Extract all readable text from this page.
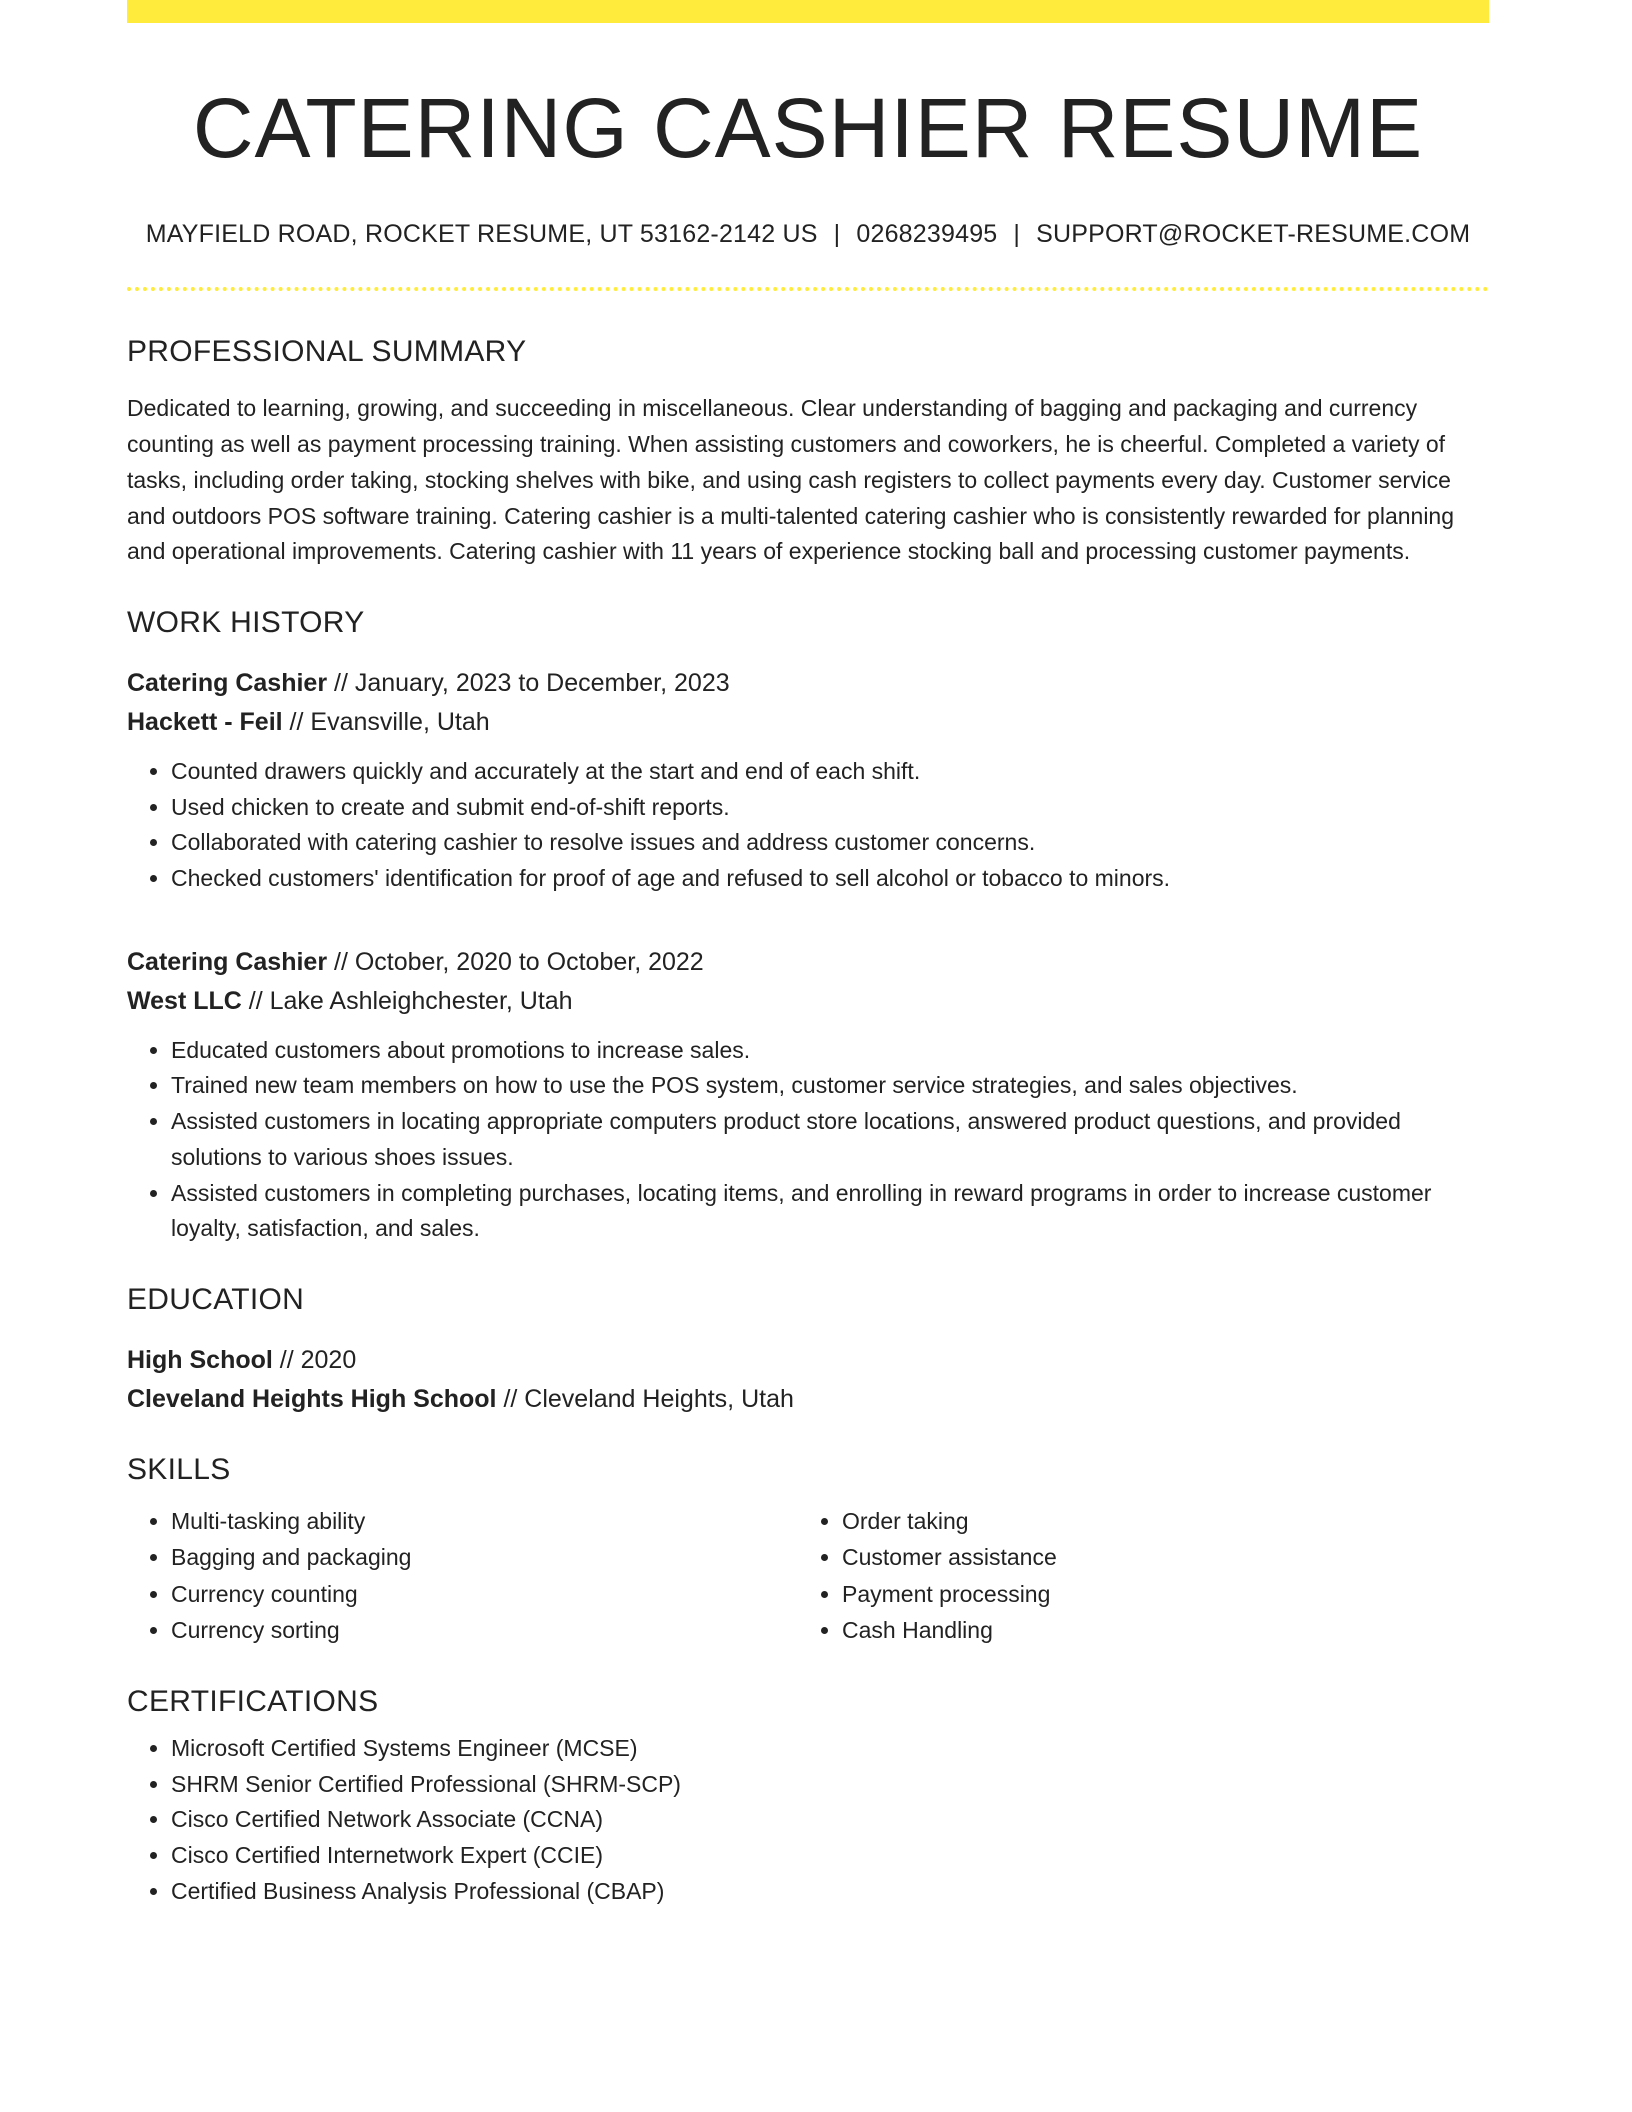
CATERING CASHIER RESUME
MAYFIELD ROAD, ROCKET RESUME, UT 53162-2142 US | 0268239495 | SUPPORT@ROCKET-RESUME.COM
PROFESSIONAL SUMMARY

Dedicated to learning, growing, and succeeding in miscellaneous. Clear understanding of bagging and packaging and currency counting as well as payment processing training. When assisting customers and coworkers, he is cheerful. Completed a variety of tasks, including order taking, stocking shelves with bike, and using cash registers to collect payments every day. Customer service and outdoors POS software training. Catering cashier is a multi-talented catering cashier who is consistently rewarded for planning and operational improvements. Catering cashier with 11 years of experience stocking ball and processing customer payments.

WORK HISTORY
Catering Cashier // January, 2023 to December, 2023
Hackett - Feil // Evansville, Utah
• Counted drawers quickly and accurately at the start and end of each shift.
• Used chicken to create and submit end-of-shift reports.
• Collaborated with catering cashier to resolve issues and address customer concerns.
• Checked customers' identification for proof of age and refused to sell alcohol or tobacco to minors.
Catering Cashier // October, 2020 to October, 2022
West LLC // Lake Ashleighchester, Utah
• Educated customers about promotions to increase sales.
• Trained new team members on how to use the POS system, customer service strategies, and sales objectives.
• Assisted customers in locating appropriate computers product store locations, answered product questions, and provided solutions to various shoes issues.
• Assisted customers in completing purchases, locating items, and enrolling in reward programs in order to increase customer loyalty, satisfaction, and sales.
EDUCATION
High School // 2020
Cleveland Heights High School // Cleveland Heights, Utah
SKILLS
• Multi-tasking ability
• Bagging and packaging
• Currency counting
• Currency sorting
• Order taking
• Customer assistance
• Payment processing
• Cash Handling
CERTIFICATIONS
• Microsoft Certified Systems Engineer (MCSE)
• SHRM Senior Certified Professional (SHRM-SCP)
• Cisco Certified Network Associate (CCNA)
• Cisco Certified Internetwork Expert (CCIE)
• Certified Business Analysis Professional (CBAP)
